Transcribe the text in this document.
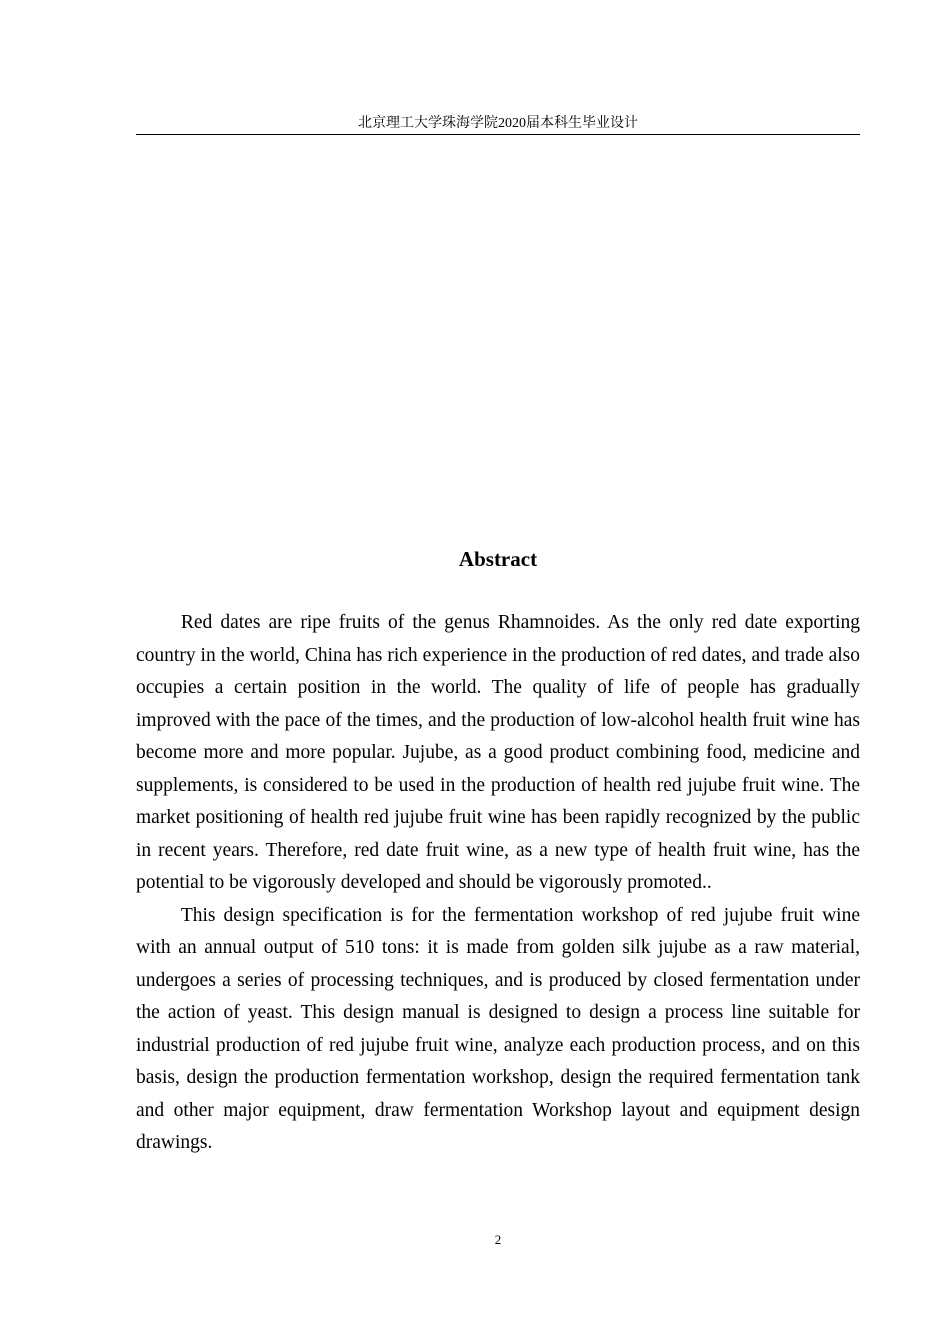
北京理工大学珠海学院2020届本科生毕业设计
Abstract

Red dates are ripe fruits of the genus Rhamnoides. As the only red date exporting country in the world, China has rich experience in the production of red dates, and trade also occupies a certain position in the world. The quality of life of people has gradually improved with the pace of the times, and the production of low-alcohol health fruit wine has become more and more popular. Jujube, as a good product combining food, medicine and supplements, is considered to be used in the production of health red jujube fruit wine. The market positioning of health red jujube fruit wine has been rapidly recognized by the public in recent years. Therefore, red date fruit wine, as a new type of health fruit wine, has the potential to be vigorously developed and should be vigorously promoted..

This design specification is for the fermentation workshop of red jujube fruit wine with an annual output of 510 tons: it is made from golden silk jujube as a raw material, undergoes a series of processing techniques, and is produced by closed fermentation under the action of yeast. This design manual is designed to design a process line suitable for industrial production of red jujube fruit wine, analyze each production process, and on this basis, design the production fermentation workshop, design the required fermentation tank and other major equipment, draw fermentation Workshop layout and equipment design drawings.

2
